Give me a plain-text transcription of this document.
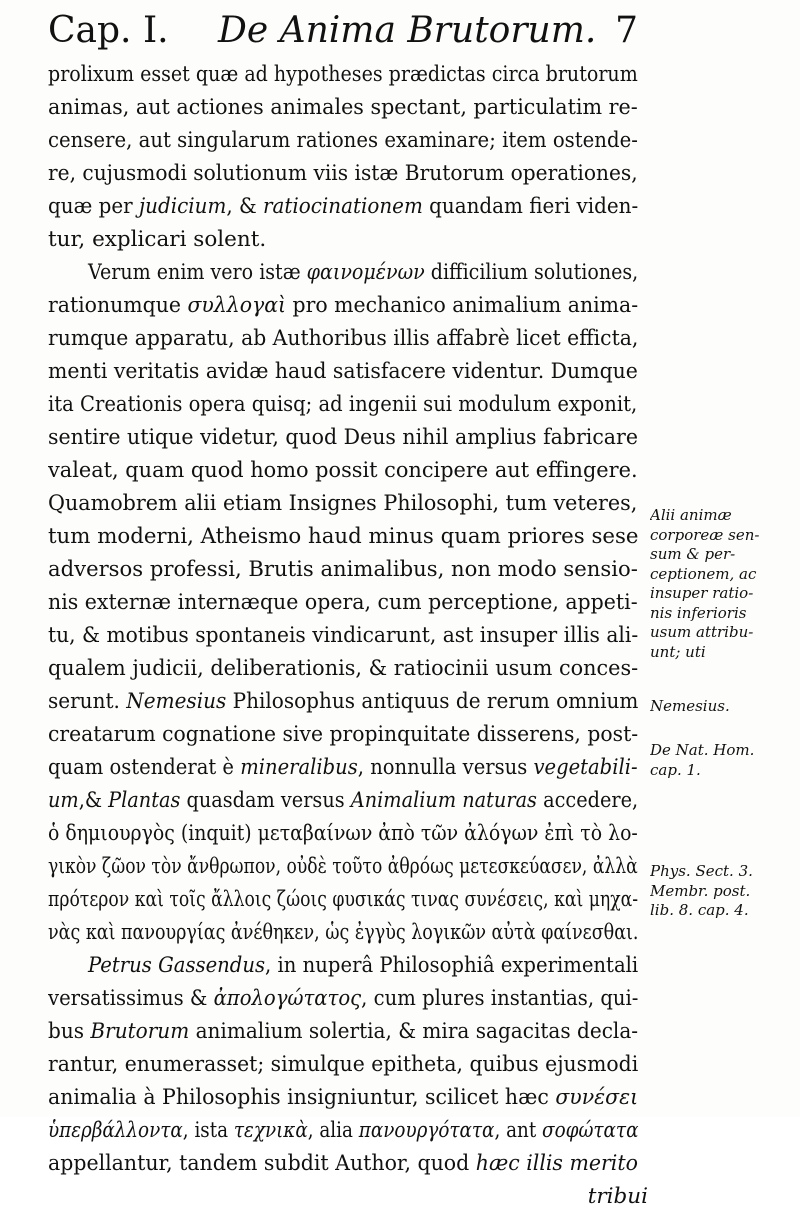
Cap. I. De Anima Brutorum. 7
prolixum esset quæ ad hypotheses prædictas circa brutorum
animas, aut actiones animales spectant, particulatim re-
censere, aut singularum rationes examinare; item ostende-
re, cujusmodi solutionum viis istæ Brutorum operationes,
quæ per judicium, & ratiocinationem quandam fieri viden-
tur, explicari solent.
Verum enim vero istæ φαινομένων difficilium solutiones,
rationumque συλλογαὶ pro mechanico animalium anima-
rumque apparatu, ab Authoribus illis affabrè licet efficta,
menti veritatis avidæ haud satisfacere videntur. Dumque
ita Creationis opera quisq; ad ingenii sui modulum exponit,
sentire utique videtur, quod Deus nihil amplius fabricare
valeat, quam quod homo possit concipere aut effingere.
Quamobrem alii etiam Insignes Philosophi, tum veteres,
tum moderni, Atheismo haud minus quam priores sese
adversos professi, Brutis animalibus, non modo sensio-
nis externæ internæque opera, cum perceptione, appeti-
tu, & motibus spontaneis vindicarunt, ast insuper illis ali-
qualem judicii, deliberationis, & ratiocinii usum conces-
serunt. Nemesius Philosophus antiquus de rerum omnium
creatarum cognatione sive propinquitate disserens, post-
quam ostenderat è mineralibus, nonnulla versus vegetabili-
um,& Plantas quasdam versus Animalium naturas accedere,
ὁ δημιουργὸς (inquit) μεταβαίνων ἀπὸ τῶν ἀλόγων ἐπὶ τὸ λο-
γικὸν ζῶον τὸν ἄνθρωπον, οὐδὲ τοῦτο ἀθρόως μετεσκεύασεν, ἀλλὰ
πρότερον καὶ τοῖς ἄλλοις ζώοις φυσικάς τινας συνέσεις, καὶ μηχα-
νὰς καὶ πανουργίας ἀνέθηκεν, ὡς ἐγγὺς λογικῶν αὐτὰ φαίνεσθαι.
Petrus Gassendus, in nuperâ Philosophiâ experimentali
versatissimus & ἀπολογώτατος, cum plures instantias, qui-
bus Brutorum animalium solertia, & mira sagacitas decla-
rantur, enumerasset; simulque epitheta, quibus ejusmodi
animalia à Philosophis insigniuntur, scilicet hæc συνέσει
ὑπερβάλλοντα, ista τεχνικὰ, alia πανουργότατα, ant σοφώτατα
appellantur, tandem subdit Author, quod hæc illis merito
tribui
Alii animæ
corporeæ sen-
sum & per-
ceptionem, ac
insuper ratio-
nis inferioris
usum attribu-
unt; uti
Nemesius.
De Nat. Hom.
cap. 1.
Phys. Sect. 3.
Membr. post.
lib. 8. cap. 4.
